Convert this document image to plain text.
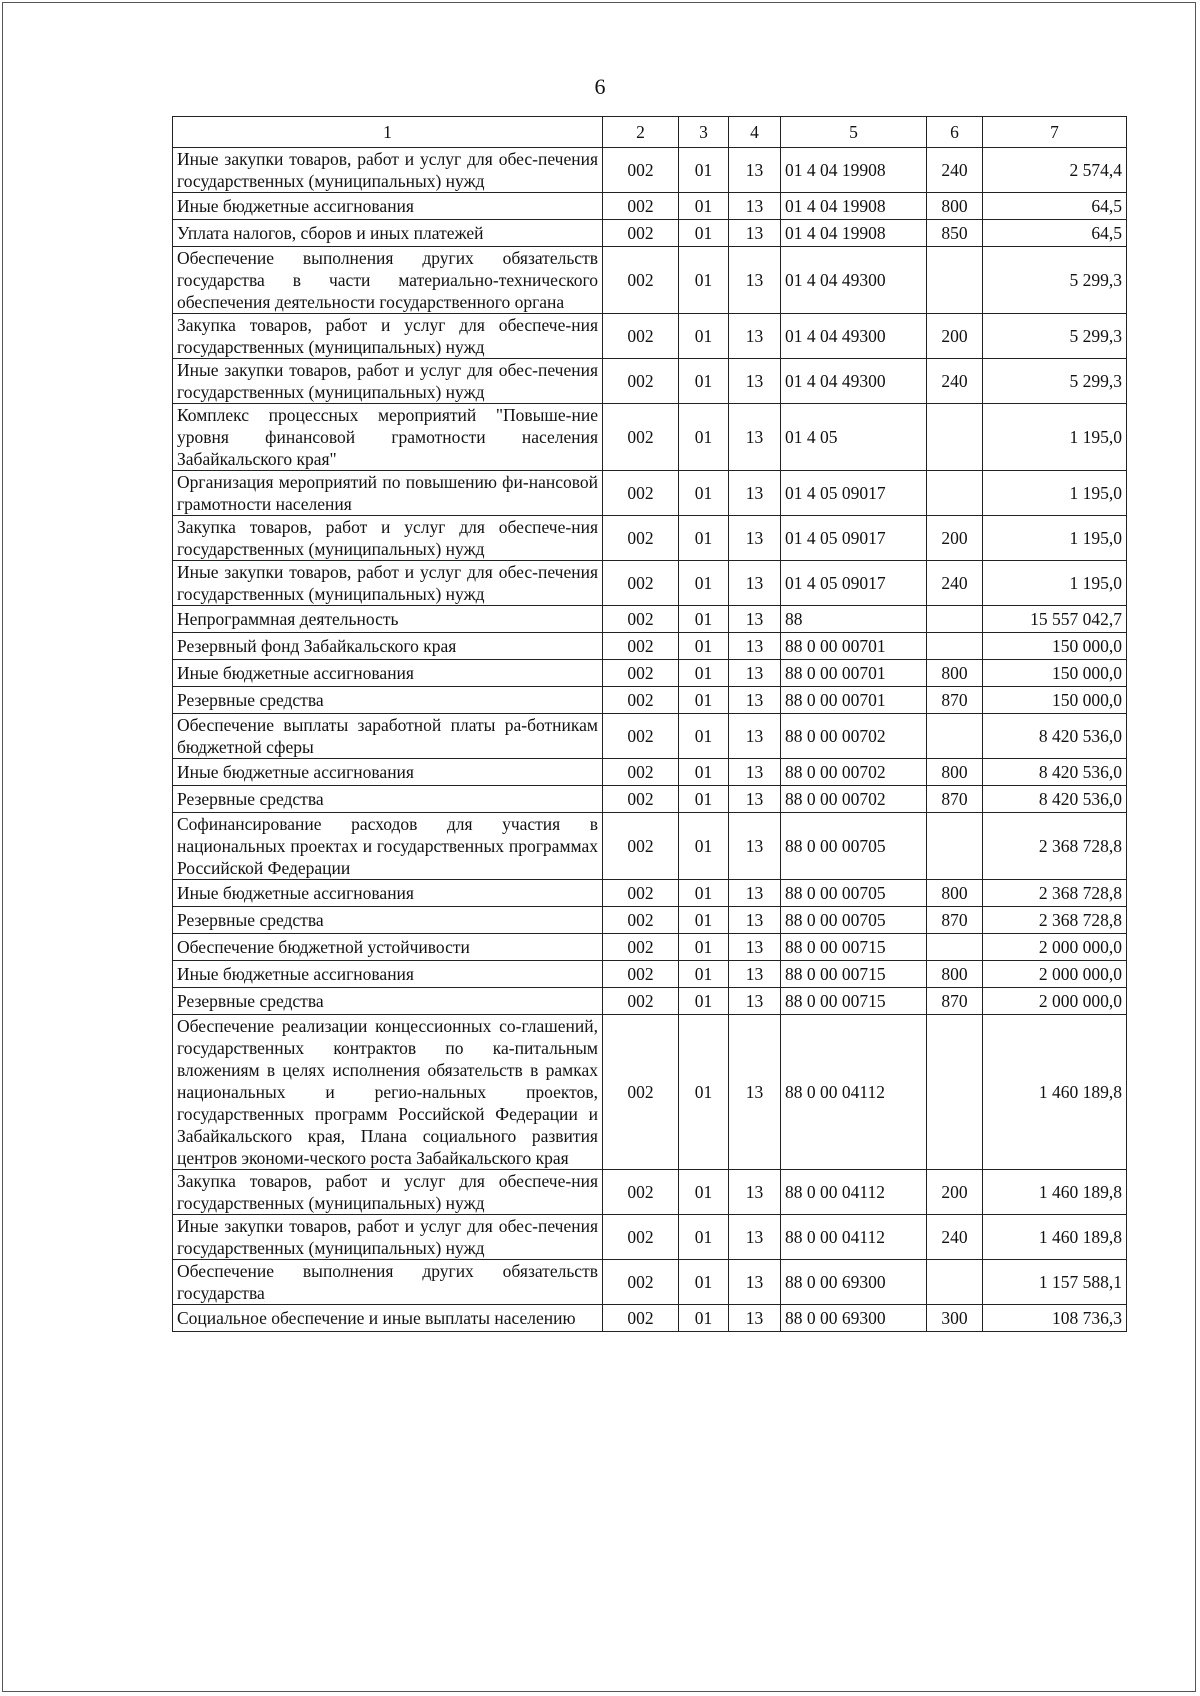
6
1	2	3	4	5	6	7
Иные закупки товаров, работ и услуг для обес-печения государственных (муниципальных) нужд	002	01	13	01 4 04 19908	240	2 574,4
Иные бюджетные ассигнования	002	01	13	01 4 04 19908	800	64,5
Уплата налогов, сборов и иных платежей	002	01	13	01 4 04 19908	850	64,5
Обеспечение выполнения других обязательств государства в части материально-технического обеспечения деятельности государственного органа	002	01	13	01 4 04 49300		5 299,3
Закупка товаров, работ и услуг для обеспече-ния государственных (муниципальных) нужд	002	01	13	01 4 04 49300	200	5 299,3
Иные закупки товаров, работ и услуг для обес-печения государственных (муниципальных) нужд	002	01	13	01 4 04 49300	240	5 299,3
Комплекс процессных мероприятий "Повыше-ние уровня финансовой грамотности населения Забайкальского края"	002	01	13	01 4 05		1 195,0
Организация мероприятий по повышению фи-нансовой грамотности населения	002	01	13	01 4 05 09017		1 195,0
Закупка товаров, работ и услуг для обеспече-ния государственных (муниципальных) нужд	002	01	13	01 4 05 09017	200	1 195,0
Иные закупки товаров, работ и услуг для обес-печения государственных (муниципальных) нужд	002	01	13	01 4 05 09017	240	1 195,0
Непрограммная деятельность	002	01	13	88		15 557 042,7
Резервный фонд Забайкальского края	002	01	13	88 0 00 00701		150 000,0
Иные бюджетные ассигнования	002	01	13	88 0 00 00701	800	150 000,0
Резервные средства	002	01	13	88 0 00 00701	870	150 000,0
Обеспечение выплаты заработной платы ра-ботникам бюджетной сферы	002	01	13	88 0 00 00702		8 420 536,0
Иные бюджетные ассигнования	002	01	13	88 0 00 00702	800	8 420 536,0
Резервные средства	002	01	13	88 0 00 00702	870	8 420 536,0
Софинансирование расходов для участия в национальных проектах и государственных программах Российской Федерации	002	01	13	88 0 00 00705		2 368 728,8
Иные бюджетные ассигнования	002	01	13	88 0 00 00705	800	2 368 728,8
Резервные средства	002	01	13	88 0 00 00705	870	2 368 728,8
Обеспечение бюджетной устойчивости	002	01	13	88 0 00 00715		2 000 000,0
Иные бюджетные ассигнования	002	01	13	88 0 00 00715	800	2 000 000,0
Резервные средства	002	01	13	88 0 00 00715	870	2 000 000,0
Обеспечение реализации концессионных со-глашений, государственных контрактов по ка-питальным вложениям в целях исполнения обязательств в рамках национальных и регио-нальных проектов, государственных программ Российской Федерации и Забайкальского края, Плана социального развития центров экономи-ческого роста Забайкальского края	002	01	13	88 0 00 04112		1 460 189,8
Закупка товаров, работ и услуг для обеспече-ния государственных (муниципальных) нужд	002	01	13	88 0 00 04112	200	1 460 189,8
Иные закупки товаров, работ и услуг для обес-печения государственных (муниципальных) нужд	002	01	13	88 0 00 04112	240	1 460 189,8
Обеспечение выполнения других обязательств государства	002	01	13	88 0 00 69300		1 157 588,1
Социальное обеспечение и иные выплаты населению	002	01	13	88 0 00 69300	300	108 736,3
